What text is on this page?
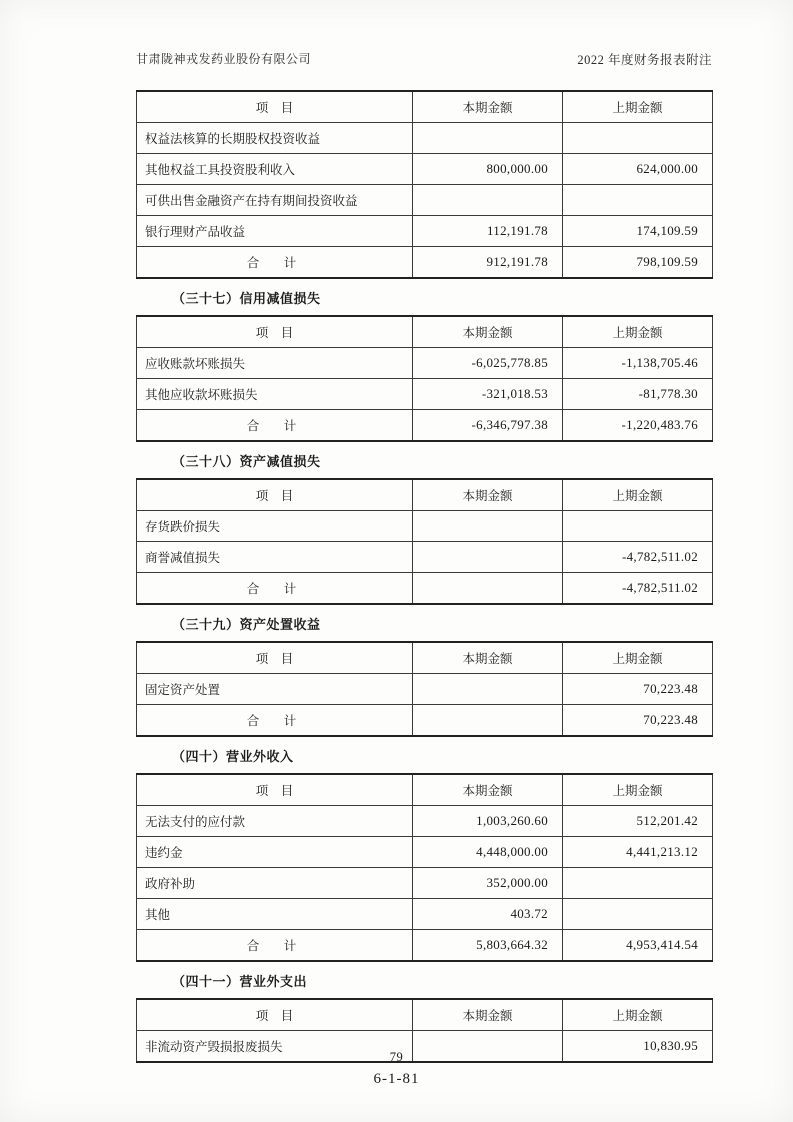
甘肃陇神戎发药业股份有限公司	2022 年度财务报表附注
项　目	本期金额	上期金额
权益法核算的长期股权投资收益		
其他权益工具投资股利收入	800,000.00	624,000.00
可供出售金融资产在持有期间投资收益		
银行理财产品收益	112,191.78	174,109.59
合　计	912,191.78	798,109.59
（三十七）信用减值损失
项　目	本期金额	上期金额
应收账款坏账损失	-6,025,778.85	-1,138,705.46
其他应收款坏账损失	-321,018.53	-81,778.30
合　计	-6,346,797.38	-1,220,483.76
（三十八）资产减值损失
项　目	本期金额	上期金额
存货跌价损失		
商誉减值损失		-4,782,511.02
合　计		-4,782,511.02
（三十九）资产处置收益
项　目	本期金额	上期金额
固定资产处置		70,223.48
合　计		70,223.48
（四十）营业外收入
项　目	本期金额	上期金额
无法支付的应付款	1,003,260.60	512,201.42
违约金	4,448,000.00	4,441,213.12
政府补助	352,000.00	
其他	403.72	
合　计	5,803,664.32	4,953,414.54
（四十一）营业外支出
项　目	本期金额	上期金额
非流动资产毁损报废损失		10,830.95
79
6-1-81
